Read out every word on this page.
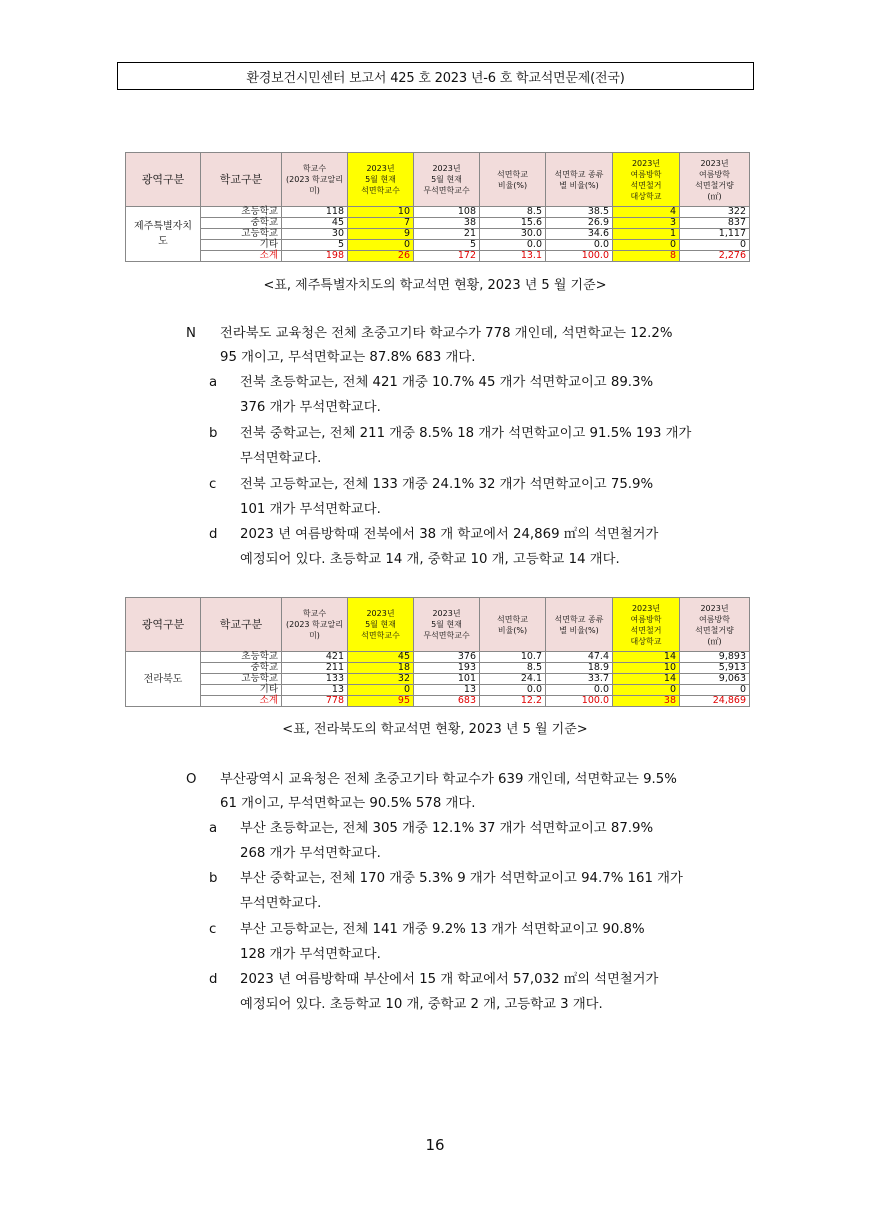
환경보건시민센터 보고서 425 호 2023 년-6 호 학교석면문제(전국)
광역구분	학교구분	학교수
(2023 학교알리
미)	2023년
5월 현재
석면학교수	2023년
5월 현재
무석면학교수	석면학교
비율(%)	석면학교 종류
별 비율(%)	2023년
여름방학
석면철거
대상학교	2023년
여름방학
석면철거량
(㎡)
제주특별자치
도	초등학교	118	10	108	8.5	38.5	4	322
	중학교	45	7	38	15.6	26.9	3	837
	고등학교	30	9	21	30.0	34.6	1	1,117
	기타	5	0	5	0.0	0.0	0	0
	소계	198	26	172	13.1	100.0	8	2,276
<표, 제주특별자치도의 학교석면 현황, 2023 년 5 월 기준>
N 전라북도 교육청은 전체 초중고기타 학교수가 778 개인데, 석면학교는 12.2%
95 개이고, 무석면학교는 87.8% 683 개다.
a 전북 초등학교는, 전체 421 개중 10.7% 45 개가 석면학교이고 89.3%
376 개가 무석면학교다.
b 전북 중학교는, 전체 211 개중 8.5% 18 개가 석면학교이고 91.5% 193 개가
무석면학교다.
c 전북 고등학교는, 전체 133 개중 24.1% 32 개가 석면학교이고 75.9%
101 개가 무석면학교다.
d 2023 년 여름방학때 전북에서 38 개 학교에서 24,869 ㎡의 석면철거가
예정되어 있다. 초등학교 14 개, 중학교 10 개, 고등학교 14 개다.
광역구분	학교구분	학교수
(2023 학교알리
미)	2023년
5월 현재
석면학교수	2023년
5월 현재
무석면학교수	석면학교
비율(%)	석면학교 종류
별 비율(%)	2023년
여름방학
석면철거
대상학교	2023년
여름방학
석면철거량
(㎡)
전라북도	초등학교	421	45	376	10.7	47.4	14	9,893
	중학교	211	18	193	8.5	18.9	10	5,913
	고등학교	133	32	101	24.1	33.7	14	9,063
	기타	13	0	13	0.0	0.0	0	0
	소계	778	95	683	12.2	100.0	38	24,869
<표, 전라북도의 학교석면 현황, 2023 년 5 월 기준>
O 부산광역시 교육청은 전체 초중고기타 학교수가 639 개인데, 석면학교는 9.5%
61 개이고, 무석면학교는 90.5% 578 개다.
a 부산 초등학교는, 전체 305 개중 12.1% 37 개가 석면학교이고 87.9%
268 개가 무석면학교다.
b 부산 중학교는, 전체 170 개중 5.3% 9 개가 석면학교이고 94.7% 161 개가
무석면학교다.
c 부산 고등학교는, 전체 141 개중 9.2% 13 개가 석면학교이고 90.8%
128 개가 무석면학교다.
d 2023 년 여름방학때 부산에서 15 개 학교에서 57,032 ㎡의 석면철거가
예정되어 있다. 초등학교 10 개, 중학교 2 개, 고등학교 3 개다.
16
